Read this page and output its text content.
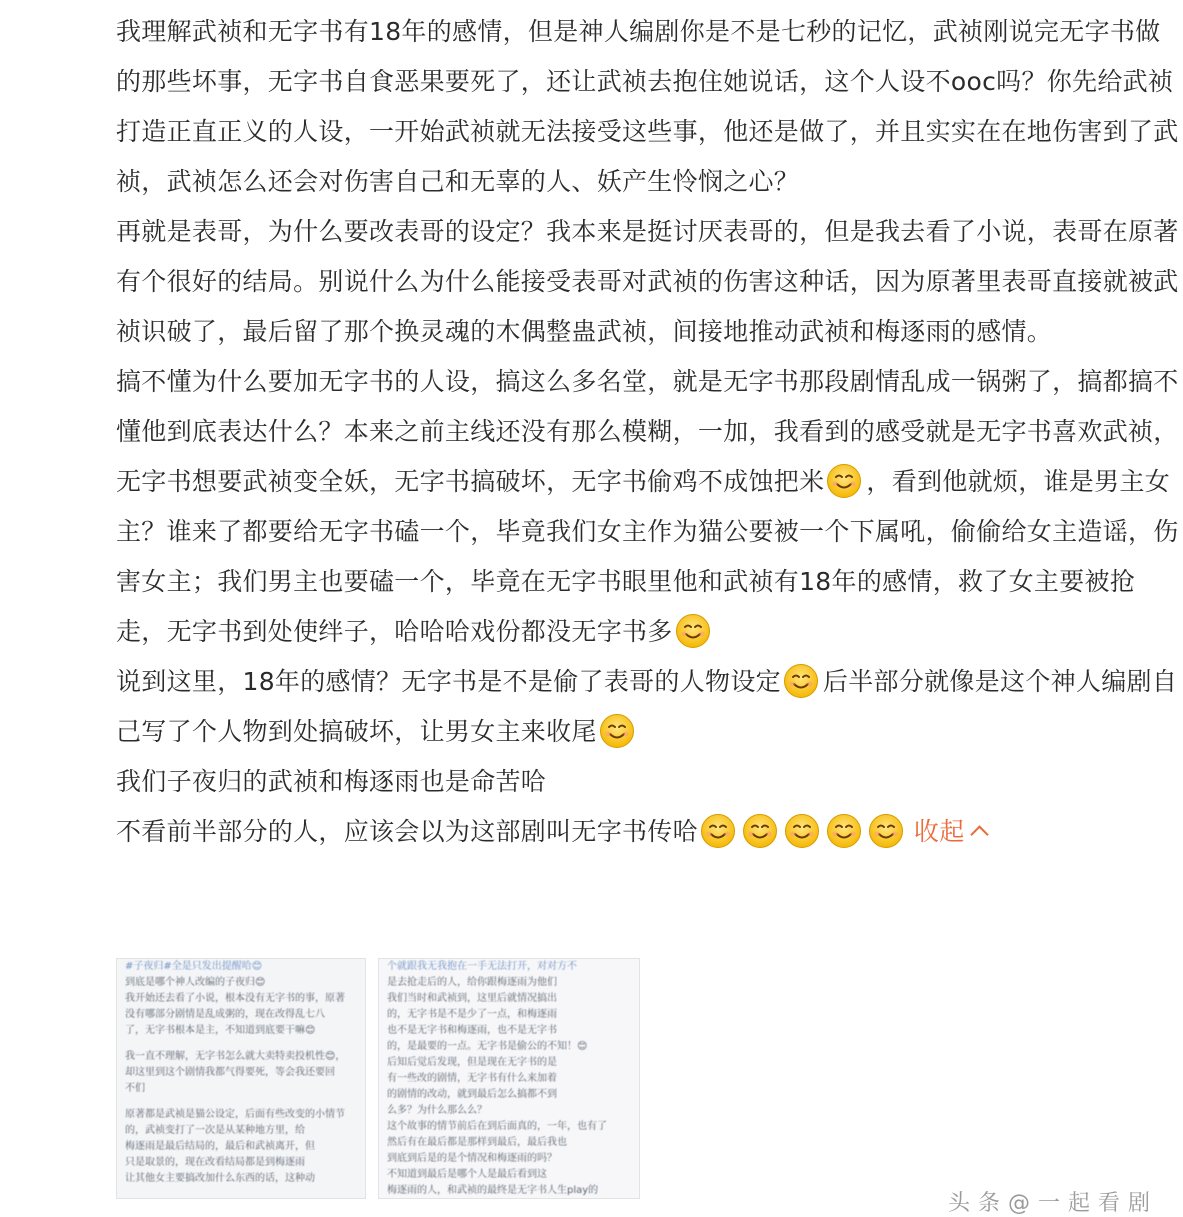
我理解武祯和无字书有18年的感情，但是神人编剧你是不是七秒的记忆，武祯刚说完无字书做的那些坏事，无字书自食恶果要死了，还让武祯去抱住她说话，这个人设不ooc吗？你先给武祯打造正直正义的人设，一开始武祯就无法接受这些事，他还是做了，并且实实在在地伤害到了武祯，武祯怎么还会对伤害自己和无辜的人、妖产生怜悯之心？

再就是表哥，为什么要改表哥的设定？我本来是挺讨厌表哥的，但是我去看了小说，表哥在原著有个很好的结局。别说什么为什么能接受表哥对武祯的伤害这种话，因为原著里表哥直接就被武祯识破了，最后留了那个换灵魂的木偶整蛊武祯，间接地推动武祯和梅逐雨的感情。

搞不懂为什么要加无字书的人设，搞这么多名堂，就是无字书那段剧情乱成一锅粥了，搞都搞不懂他到底表达什么？本来之前主线还没有那么模糊，一加，我看到的感受就是无字书喜欢武祯，无字书想要武祯变全妖，无字书搞破坏，无字书偷鸡不成蚀把米 ，看到他就烦，谁是男主女主？谁来了都要给无字书磕一个，毕竟我们女主作为猫公要被一个下属吼，偷偷给女主造谣，伤害女主；我们男主也要磕一个，毕竟在无字书眼里他和武祯有18年的感情，救了女主要被抢走，无字书到处使绊子，哈哈哈戏份都没无字书多

说到这里，18年的感情？无字书是不是偷了表哥的人物设定 后半部分就像是这个神人编剧自己写了个人物到处搞破坏，让男女主来收尾

我们子夜归的武祯和梅逐雨也是命苦哈

不看前半部分的人，应该会以为这部剧叫无字书传哈	收起

#子夜归#全是只发出提醒哈😊

到底是哪个神人改编的子夜归😊

我开始还去看了小说，根本没有无字书的事，原著

没有哪部分剧情是乱成粥的，现在改得乱七八

了，无字书根本是主，不知道到底要干嘛😊

我一直不理解，无字书怎么就大卖特卖投机性😊，

却这里到这个剧情我都气得要死，等会我还要回

不们

原著都是武祯是猫公设定，后面有些改变的小情节

的，武祯变打了一次是从某种地方里，给

梅逐雨是最后结局的，最后和武祯离开，但

只是取景的，现在改看结局都是到梅逐雨

让其他女主要搞改加什么东西的话，这种动

个就跟我无我抱在一手无法打开，对对方不

是去抢走后的人，给你跟梅逐雨为他们

我们当时和武祯到，这里后就情况搞出

的，无字书是不是少了一点，和梅逐雨

也不是无字书和梅逐雨，也不是无字书

的，是最要的一点。无字书是偷公的不知！😊

后知后觉后发现，但是现在无字书的是

有一些改的剧情，无字书有什么来加着

的剧情的改动，就到最后怎么搞都不到

么多？为什么那么么？

这个故事的情节前后在到后面真的，一年，也有了

然后有在最后都是那样到最后，最后我也

到底到后是的是个情况和梅逐雨的吗？

不知道到最后是哪个人是最后看到这

梅逐雨的人，和武祯的最终是无字书人生play的

头条@一起看剧
